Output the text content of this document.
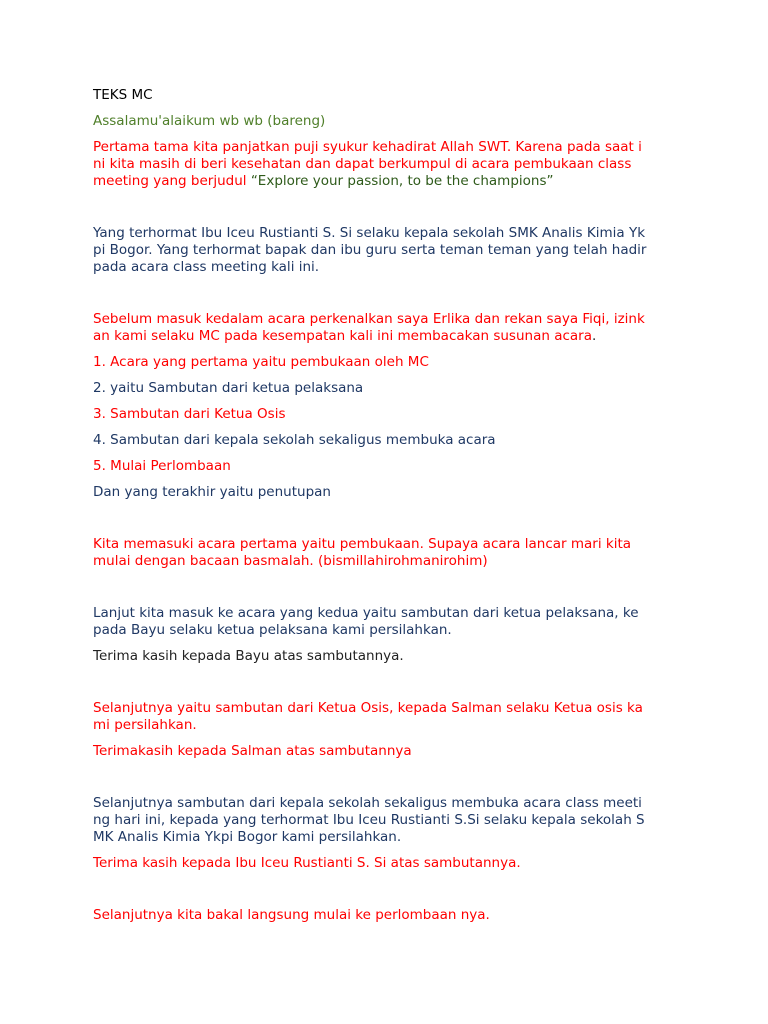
TEKS MC

Assalamu'alaikum wb wb (bareng)

Pertama tama kita panjatkan puji syukur kehadirat Allah SWT. Karena pada saat i

ni kita masih di beri kesehatan dan dapat berkumpul di acara pembukaan class

meeting yang berjudul “Explore your passion, to be the champions”

Yang terhormat Ibu Iceu Rustianti S. Si selaku kepala sekolah SMK Analis Kimia Yk

pi Bogor. Yang terhormat bapak dan ibu guru serta teman teman yang telah hadir

pada acara class meeting kali ini.

Sebelum masuk kedalam acara perkenalkan saya Erlika dan rekan saya Fiqi, izink

an kami selaku MC pada kesempatan kali ini membacakan susunan acara.

1. Acara yang pertama yaitu pembukaan oleh MC

2. yaitu Sambutan dari ketua pelaksana

3. Sambutan dari Ketua Osis

4. Sambutan dari kepala sekolah sekaligus membuka acara

5. Mulai Perlombaan

Dan yang terakhir yaitu penutupan

Kita memasuki acara pertama yaitu pembukaan. Supaya acara lancar mari kita

mulai dengan bacaan basmalah. (bismillahirohmanirohim)

Lanjut kita masuk ke acara yang kedua yaitu sambutan dari ketua pelaksana, ke

pada Bayu selaku ketua pelaksana kami persilahkan.

Terima kasih kepada Bayu atas sambutannya.

Selanjutnya yaitu sambutan dari Ketua Osis, kepada Salman selaku Ketua osis ka

mi persilahkan.

Terimakasih kepada Salman atas sambutannya

Selanjutnya sambutan dari kepala sekolah sekaligus membuka acara class meeti

ng hari ini, kepada yang terhormat Ibu Iceu Rustianti S.Si selaku kepala sekolah S

MK Analis Kimia Ykpi Bogor kami persilahkan.

Terima kasih kepada Ibu Iceu Rustianti S. Si atas sambutannya.

Selanjutnya kita bakal langsung mulai ke perlombaan nya.
